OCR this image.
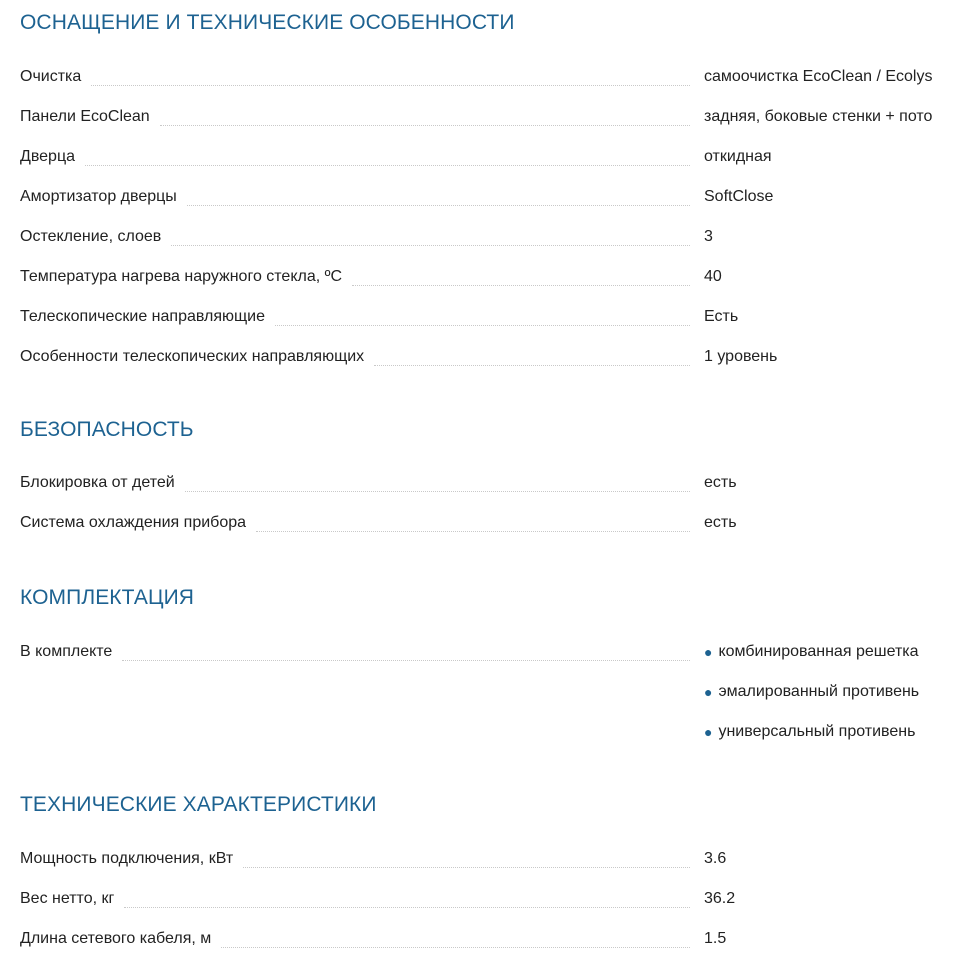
ОСНАЩЕНИЕ И ТЕХНИЧЕСКИЕ ОСОБЕННОСТИ
Очистка	самоочистка EcoClean / Ecolys
Панели EcoClean	задняя, боковые стенки + пото
Дверца	откидная
Амортизатор дверцы	SoftClose
Остекление, слоев	3
Температура нагрева наружного стекла, ºС	40
Телескопические направляющие	Есть
Особенности телескопических направляющих	1 уровень
БЕЗОПАСНОСТЬ
Блокировка от детей	есть
Система охлаждения прибора	есть
КОМПЛЕКТАЦИЯ
В комплекте	● комбинированная решетка
● эмалированный противень
● универсальный противень
ТЕХНИЧЕСКИЕ ХАРАКТЕРИСТИКИ
Мощность подключения, кВт	3.6
Вес нетто, кг	36.2
Длина сетевого кабеля, м	1.5
